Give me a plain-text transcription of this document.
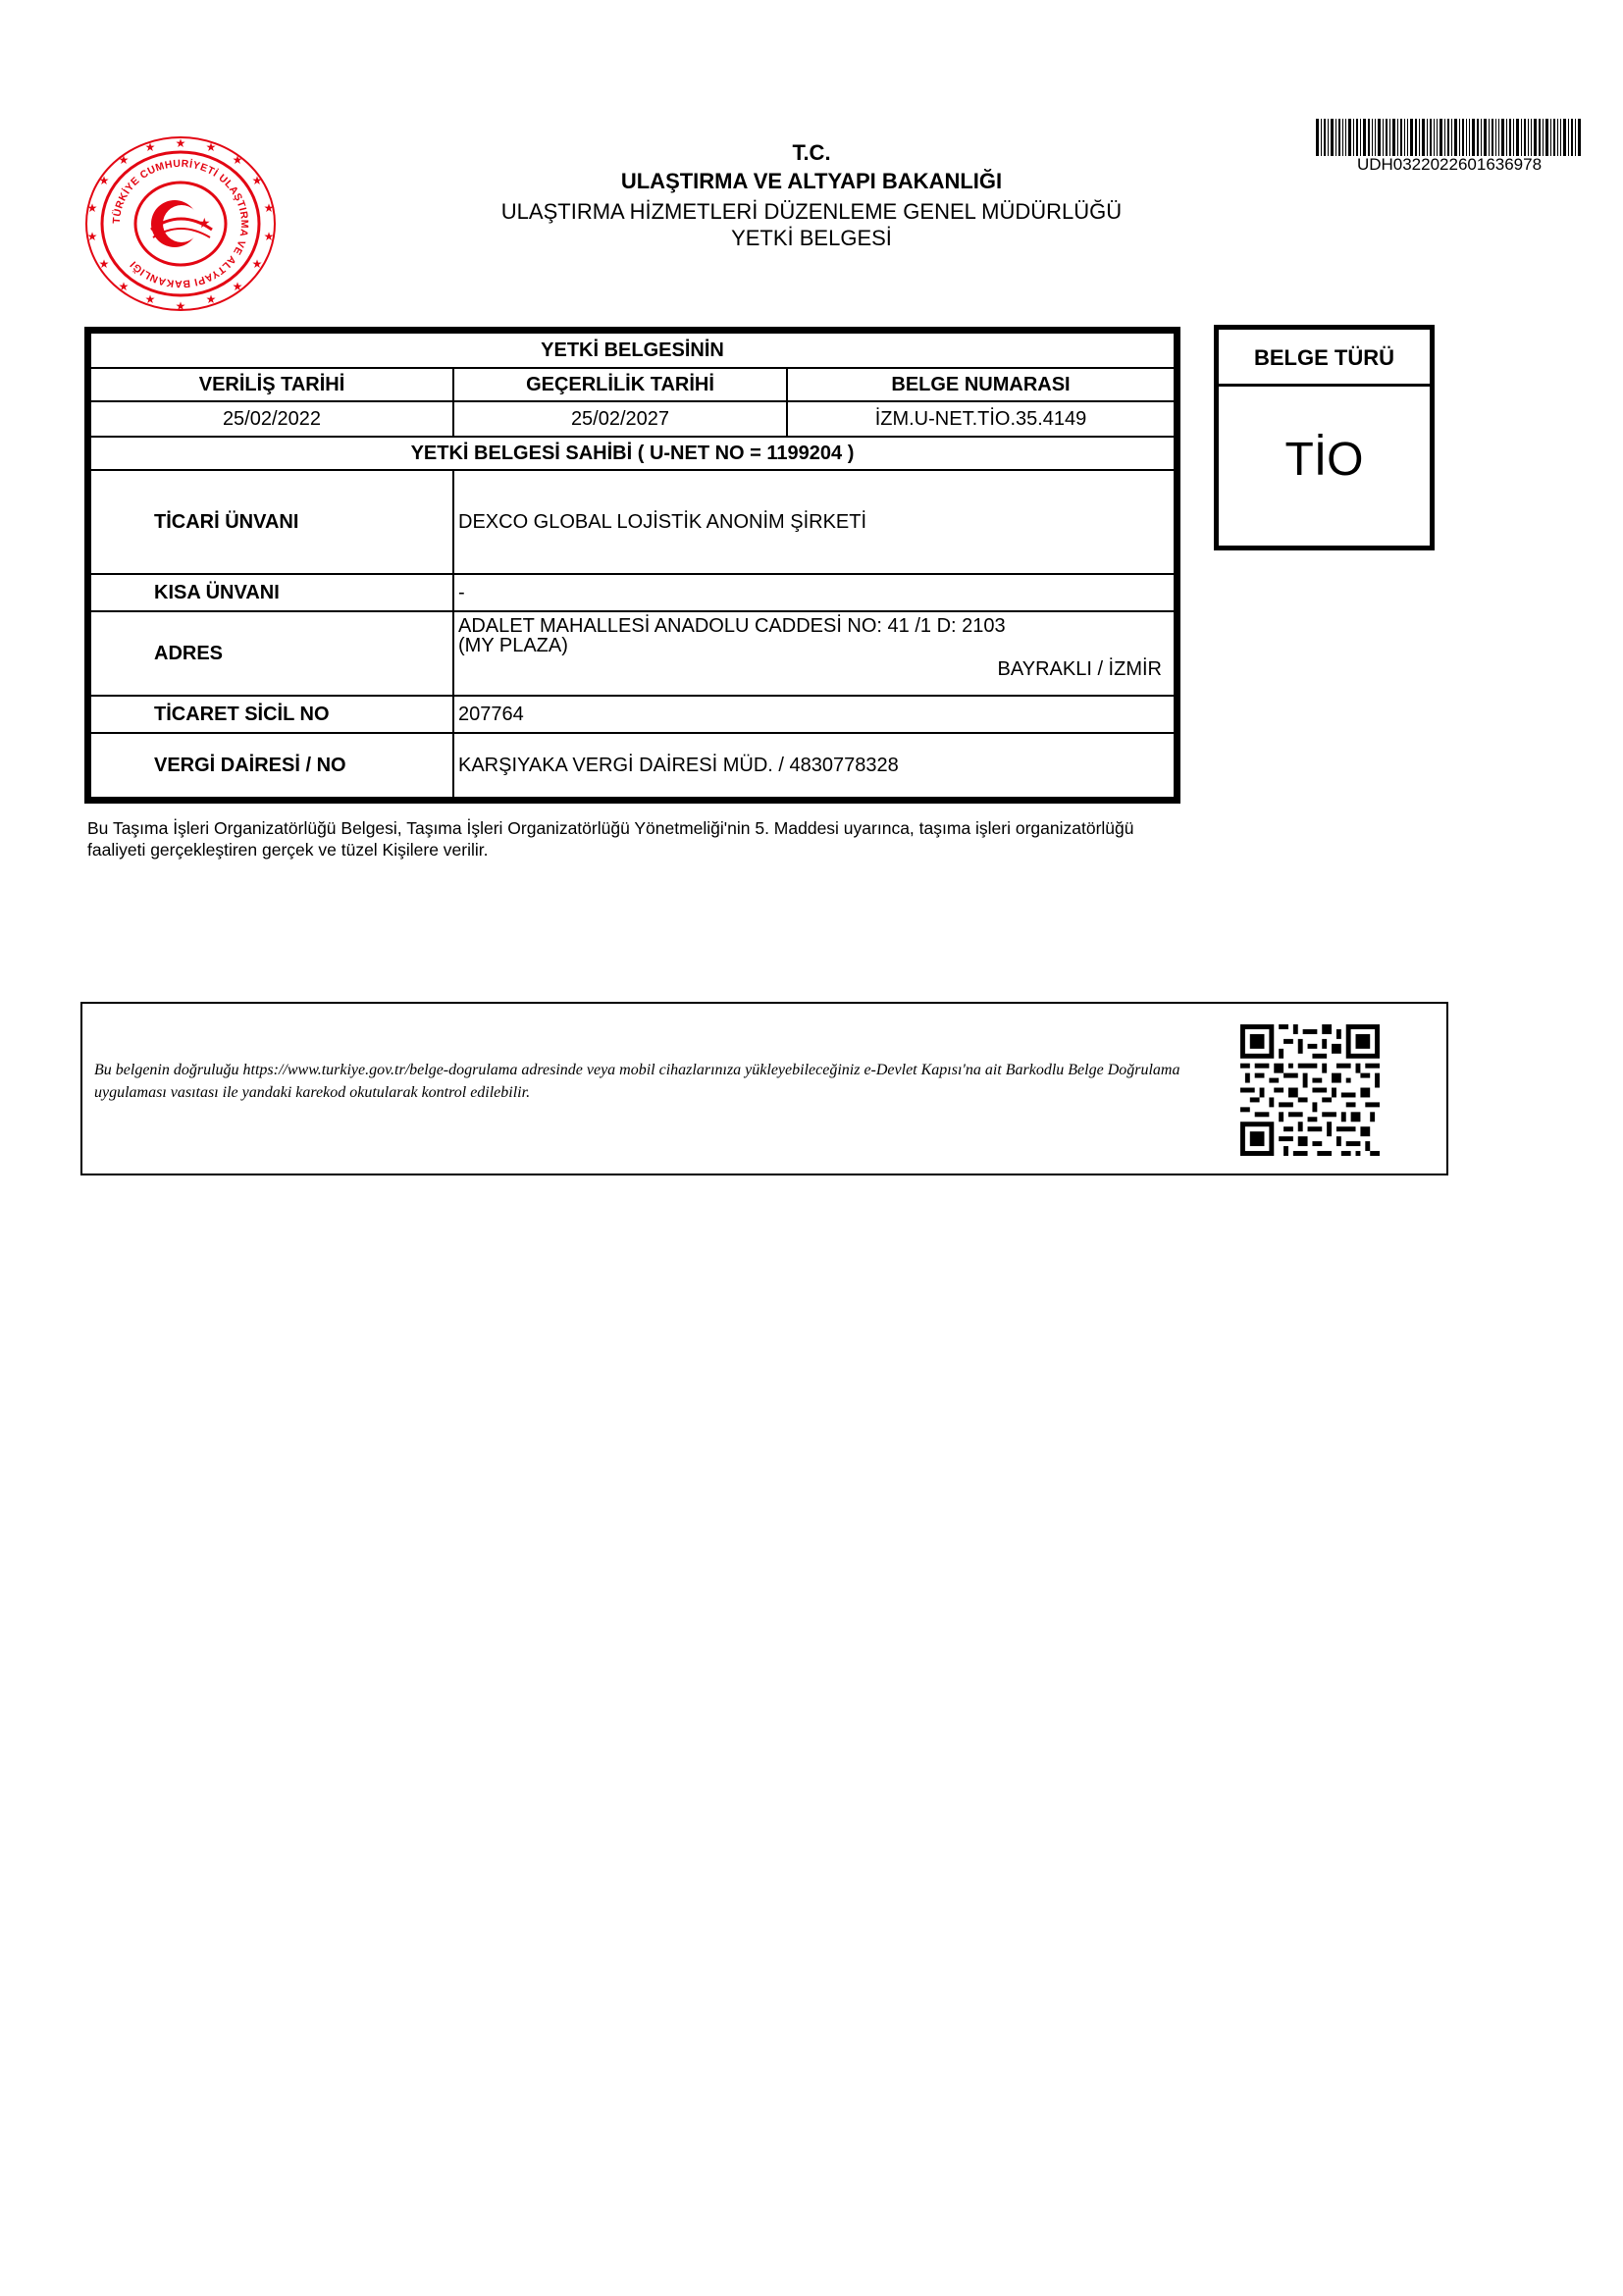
T.C.
ULAŞTIRMA VE ALTYAPI BAKANLIĞI
ULAŞTIRMA HİZMETLERİ DÜZENLEME GENEL MÜDÜRLÜĞÜ
YETKİ BELGESİ
★ ★
★
★
★
★
★
★
★
★
★
★
★
★
★
★
★
★
TÜRKİYE CUMHURİYETİ ULAŞTIRMA VE ALTYAPI BAKANLIĞI
★
UDH032202260163697​8
YETKİ BELGESİNİN		
VERİLİŞ TARİHİ	GEÇERLİLİK TARİHİ	BELGE NUMARASI
25/02/2022	25/02/2027	İZM.U-NET.TİO.35.4149
YETKİ BELGESİ SAHİBİ ( U-NET NO = 1199204 )		
TİCARİ ÜNVANI	DEXCO GLOBAL LOJİSTİK ANONİM ŞİRKETİ	
KISA ÜNVANI	-	
ADRES	ADALET MAHALLESİ ANADOLU CADDESİ NO: 41 /1 D: 2103
(MY PLAZA)
BAYRAKLI / İZMİR	

TİCARET SİCİL NO	207764	
VERGİ DAİRESİ / NO	KARŞIYAKA VERGİ DAİRESİ MÜD. / 4830778328	
BELGE TÜRÜ
TİO
Bu Taşıma İşleri Organizatörlüğü Belgesi, Taşıma İşleri Organizatörlüğü Yönetmeliği'nin 5. Maddesi uyarınca, taşıma işleri organizatörlüğü faaliyeti gerçekleştiren gerçek ve tüzel Kişilere verilir.
Bu belgenin doğruluğu https://www.turkiye.gov.tr/belge-dogrulama adresinde veya mobil cihazlarınıza yükleyebileceğiniz e-Devlet Kapısı'na ait Barkodlu Belge Doğrulama uygulaması vasıtası ile yandaki karekod okutularak kontrol edilebilir.
